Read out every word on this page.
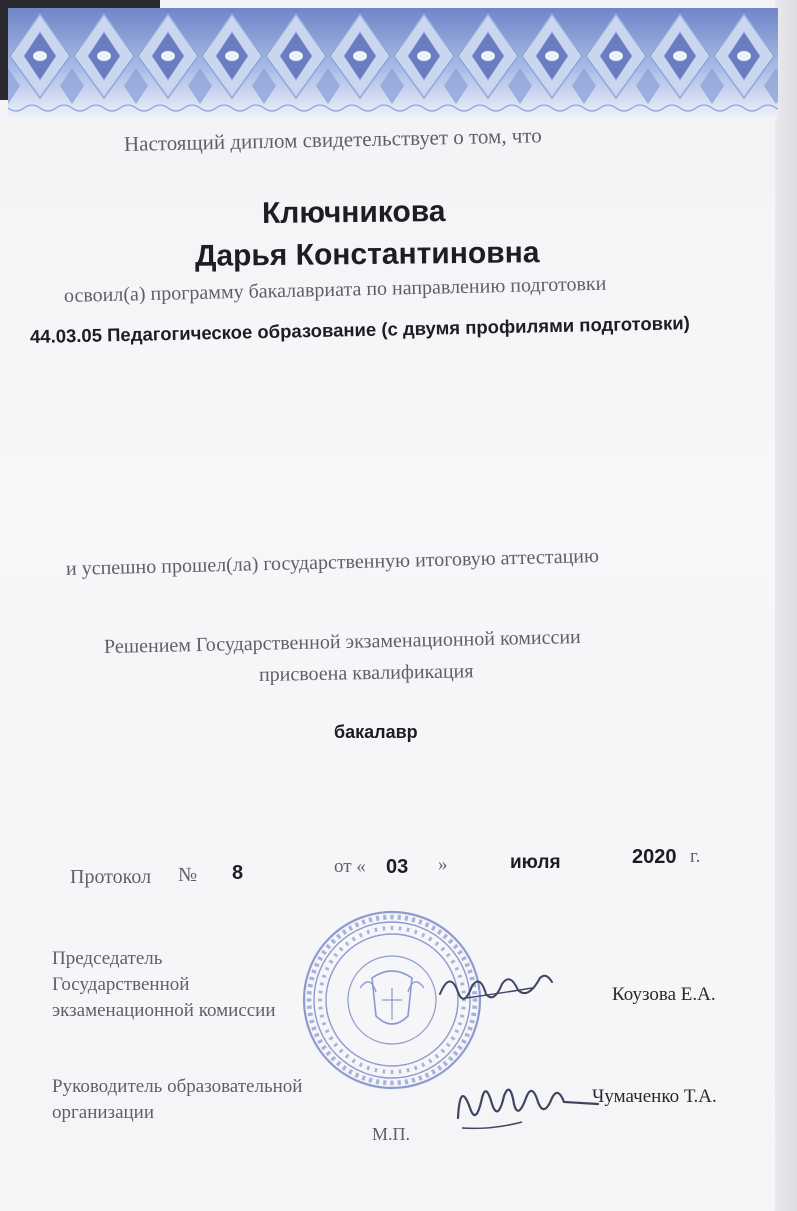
Настоящий диплом свидетельствует о том, что
Ключникова
Дарья Константиновна
освоил(а) программу бакалавриата по направлению подготовки
44.03.05 Педагогическое образование (с двумя профилями подготовки)
и успешно прошел(ла) государственную итоговую аттестацию
Решением Государственной экзаменационной комиссии
присвоена квалификация
бакалавр
Протокол № 8	от « 03 »	июля	2020 г.
Председатель
Государственной
экзаменационной комиссии
Коузова Е.А.
Руководитель образовательной
организации
М.П.
Чумаченко Т.А.
